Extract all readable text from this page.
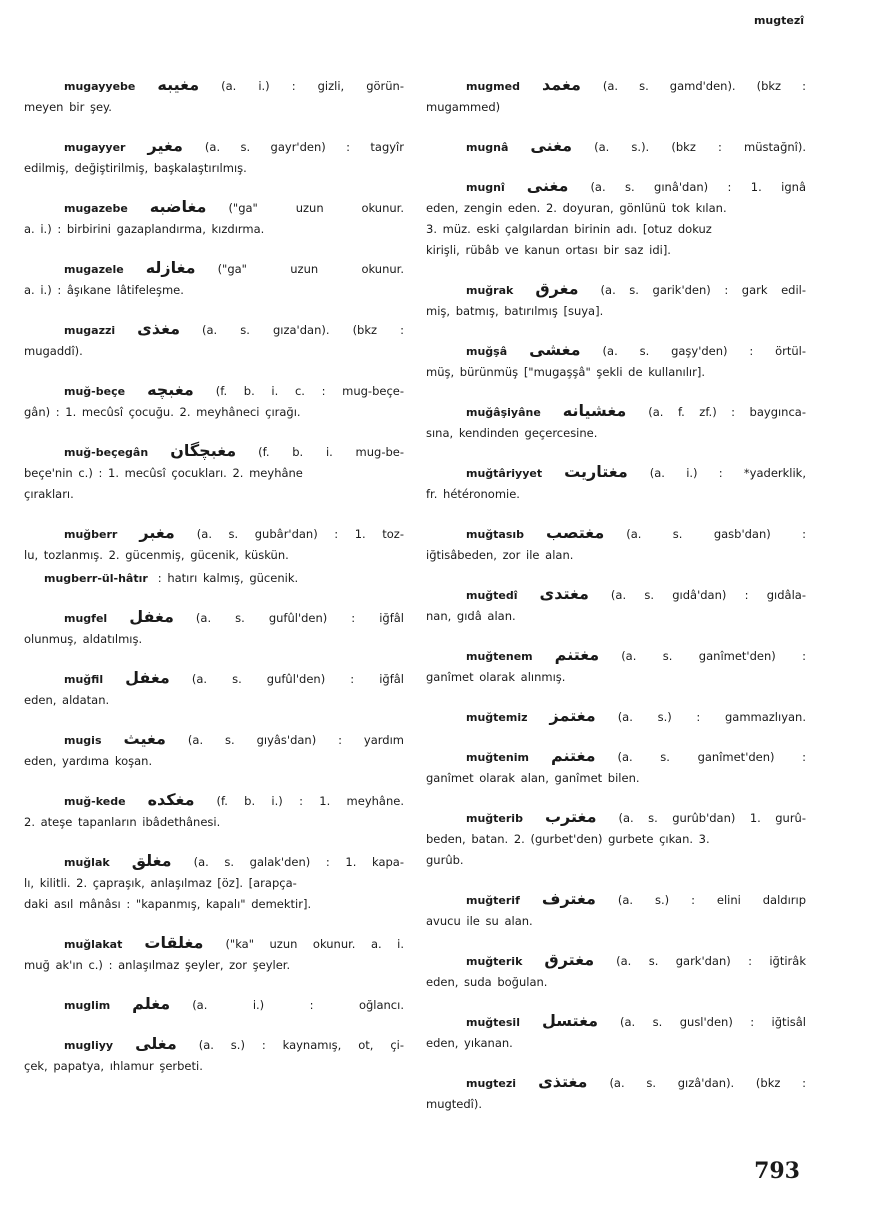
mugtezî
mugayyebe مغيبه (a. i.) : gizli, görün-
meyen bir şey.
mugayyer مغير (a. s. gayr'den) : tagyîr
edilmiş, değiştirilmiş, başkalaştırılmış.
mugazebe مغاضبه ("ga" uzun okunur.
a. i.) : birbirini gazaplandırma, kızdırma.
mugazele مغازله ("ga" uzun okunur.
a. i.) : âşıkane lâtifeleşme.
mugazzi مغذى (a. s. gıza'dan). (bkz :
mugaddî).
muğ-beçe مغبچه (f. b. i. c. : mug-beçe-
gân) : 1. mecûsî çocuğu. 2. meyhâneci çırağı.
muğ-beçegân مغبچگان (f. b. i. mug-be-
beçe'nin c.) : 1. mecûsî çocukları. 2. meyhâne
çırakları.
muğberr مغبر (a. s. gubâr'dan) : 1. toz-
lu, tozlanmış. 2. gücenmiş, gücenik, küskün.
mugberr-ül-hâtır : hatırı kalmış, gücenik.
mugfel مغفل (a. s. gufûl'den) : iğfâl
olunmuş, aldatılmış.
muğfil مغفل (a. s. gufûl'den) : iğfâl
eden, aldatan.
mugis مغيث (a. s. gıyâs'dan) : yardım
eden, yardıma koşan.
muğ-kede مغكده (f. b. i.) : 1. meyhâne.
2. ateşe tapanların ibâdethânesi.
muğlak مغلق (a. s. galak'den) : 1. kapa-
lı, kilitli. 2. çapraşık, anlaşılmaz [öz]. [arapça-
daki asıl mânâsı : "kapanmış, kapalı" demektir].
muğlakat مغلقات ("ka" uzun okunur. a. i.
muğ ak'ın c.) : anlaşılmaz şeyler, zor şeyler.
muglim مغلم (a. i.) : oğlancı.
mugliyy مغلى (a. s.) : kaynamış, ot, çi-
çek, papatya, ıhlamur şerbeti.
mugmed مغمد (a. s. gamd'den). (bkz :
mugammed)
mugnâ مغنى (a. s.). (bkz : müstağnî).
mugnî مغنى (a. s. gınâ'dan) : 1. ignâ
eden, zengin eden. 2. doyuran, gönlünü tok kılan.
3. müz. eski çalgılardan birinin adı. [otuz dokuz
kirişli, rübâb ve kanun ortası bir saz idi].
muğrak مغرق (a. s. garik'den) : gark edil-
miş, batmış, batırılmış [suya].
muğşâ مغشى (a. s. gaşy'den) : örtül-
müş, bürünmüş ["mugaşşâ" şekli de kullanılır].
muğâşiyâne مغشيانه (a. f. zf.) : baygınca-
sına, kendinden geçercesine.
muğtâriyyet مغتاريت (a. i.) : *yaderklik,
fr. hétéronomie.
muğtasıb مغتصب (a. s. gasb'dan) :
iğtisâbeden, zor ile alan.
muğtedî مغتدى (a. s. gıdâ'dan) : gıdâla-
nan, gıdâ alan.
muğtenem مغتنم (a. s. ganîmet'den) :
ganîmet olarak alınmış.
muğtemiz مغتمز (a. s.) : gammazlıyan.
muğtenim مغتنم (a. s. ganîmet'den) :
ganîmet olarak alan, ganîmet bilen.
muğterib مغترب (a. s. gurûb'dan) 1. gurû-
beden, batan. 2. (gurbet'den) gurbete çıkan. 3.
gurûb.
muğterif مغترف (a. s.) : elini daldırıp
avucu ile su alan.
muğterik مغترق (a. s. gark'dan) : iğtirâk
eden, suda boğulan.
muğtesil مغتسل (a. s. gusl'den) : iğtisâl
eden, yıkanan.
mugtezi مغتذى (a. s. gızâ'dan). (bkz :
mugtedî).
793
